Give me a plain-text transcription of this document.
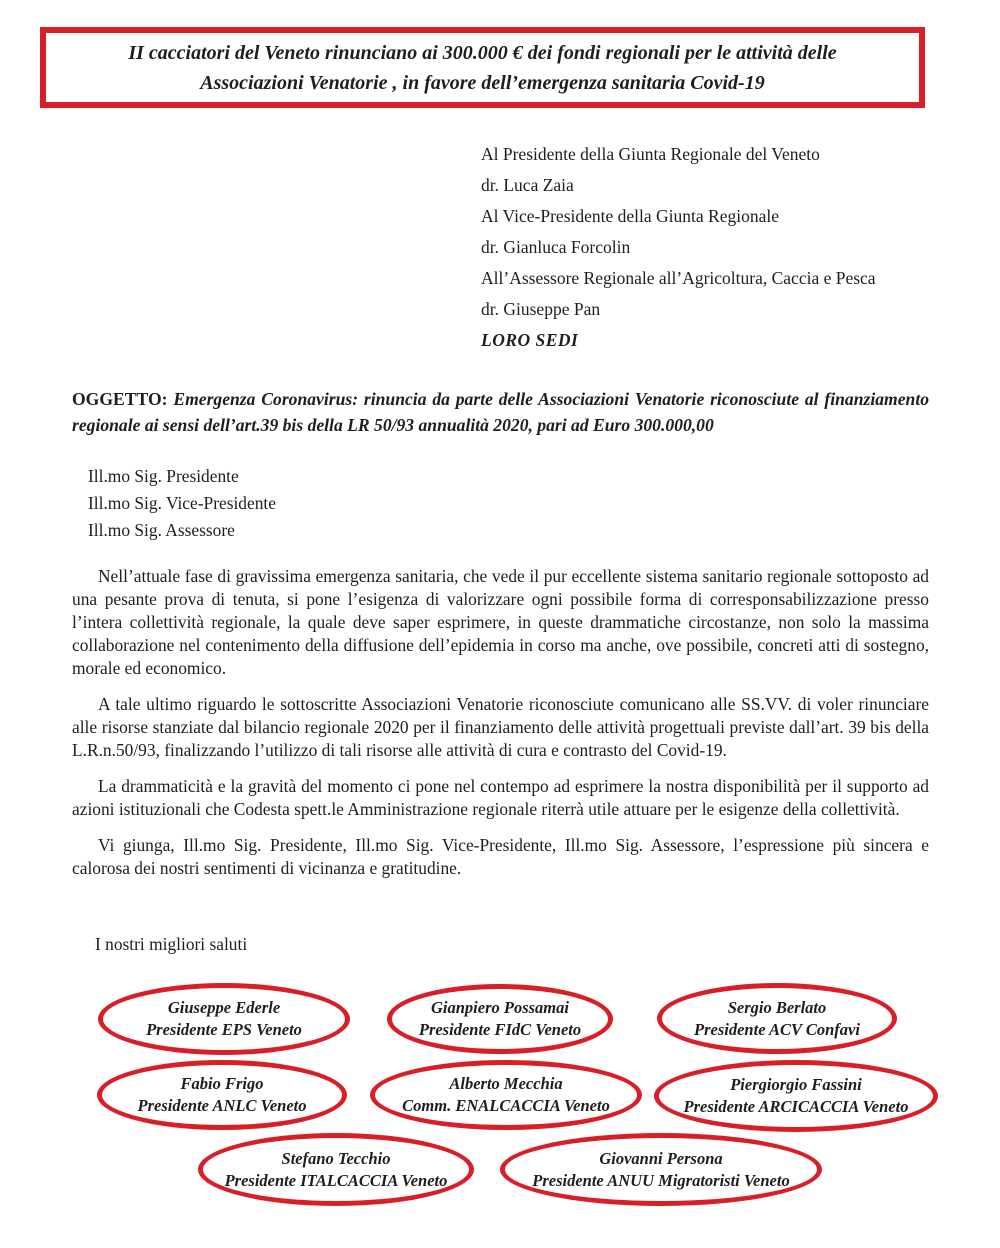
II cacciatori del Veneto rinunciano ai 300.000 € dei fondi regionali per le attività delle
Associazioni Venatorie , in favore dell’emergenza sanitaria Covid-19
Al Presidente della Giunta Regionale del Veneto
dr. Luca Zaia
Al Vice-Presidente della Giunta Regionale
dr. Gianluca Forcolin
All’Assessore Regionale all’Agricoltura, Caccia e Pesca
dr. Giuseppe Pan
LORO SEDI

OGGETTO: Emergenza Coronavirus: rinuncia da parte delle Associazioni Venatorie riconosciute al finanziamento regionale ai sensi dell’art.39 bis della LR 50/93 annualità 2020, pari ad Euro 300.000,00

Ill.mo Sig. Presidente
Ill.mo Sig. Vice-Presidente
Ill.mo Sig. Assessore

Nell’attuale fase di gravissima emergenza sanitaria, che vede il pur eccellente sistema sanitario regionale sottoposto ad una pesante prova di tenuta, si pone l’esigenza di valorizzare ogni possibile forma di corresponsabilizzazione presso l’intera collettività regionale, la quale deve saper esprimere, in queste drammatiche circostanze, non solo la massima collaborazione nel contenimento della diffusione dell’epidemia in corso ma anche, ove possibile, concreti atti di sostegno, morale ed economico.

A tale ultimo riguardo le sottoscritte Associazioni Venatorie riconosciute comunicano alle SS.VV. di voler rinunciare alle risorse stanziate dal bilancio regionale 2020 per il finanziamento delle attività progettuali previste dall’art. 39 bis della L.R.n.50/93, finalizzando l’utilizzo di tali risorse alle attività di cura e contrasto del Covid-19.

La drammaticità e la gravità del momento ci pone nel contempo ad esprimere la nostra disponibilità per il supporto ad azioni istituzionali che Codesta spett.le Amministrazione regionale riterrà utile attuare per le esigenze della collettività.

Vi giunga, Ill.mo Sig. Presidente, Ill.mo Sig. Vice-Presidente, Ill.mo Sig. Assessore, l’espressione più sincera e calorosa dei nostri sentimenti di vicinanza e gratitudine.

I nostri migliori saluti

Giuseppe Ederle
Presidente EPS Veneto
Gianpiero Possamai
Presidente FIdC Veneto
Sergio Berlato
Presidente ACV Confavi
Fabio Frigo
Presidente ANLC Veneto
Alberto Mecchia
Comm. ENALCACCIA Veneto
Piergiorgio Fassini
Presidente ARCICACCIA Veneto
Stefano Tecchio
Presidente ITALCACCIA Veneto
Giovanni Persona
Presidente ANUU Migratoristi Veneto
